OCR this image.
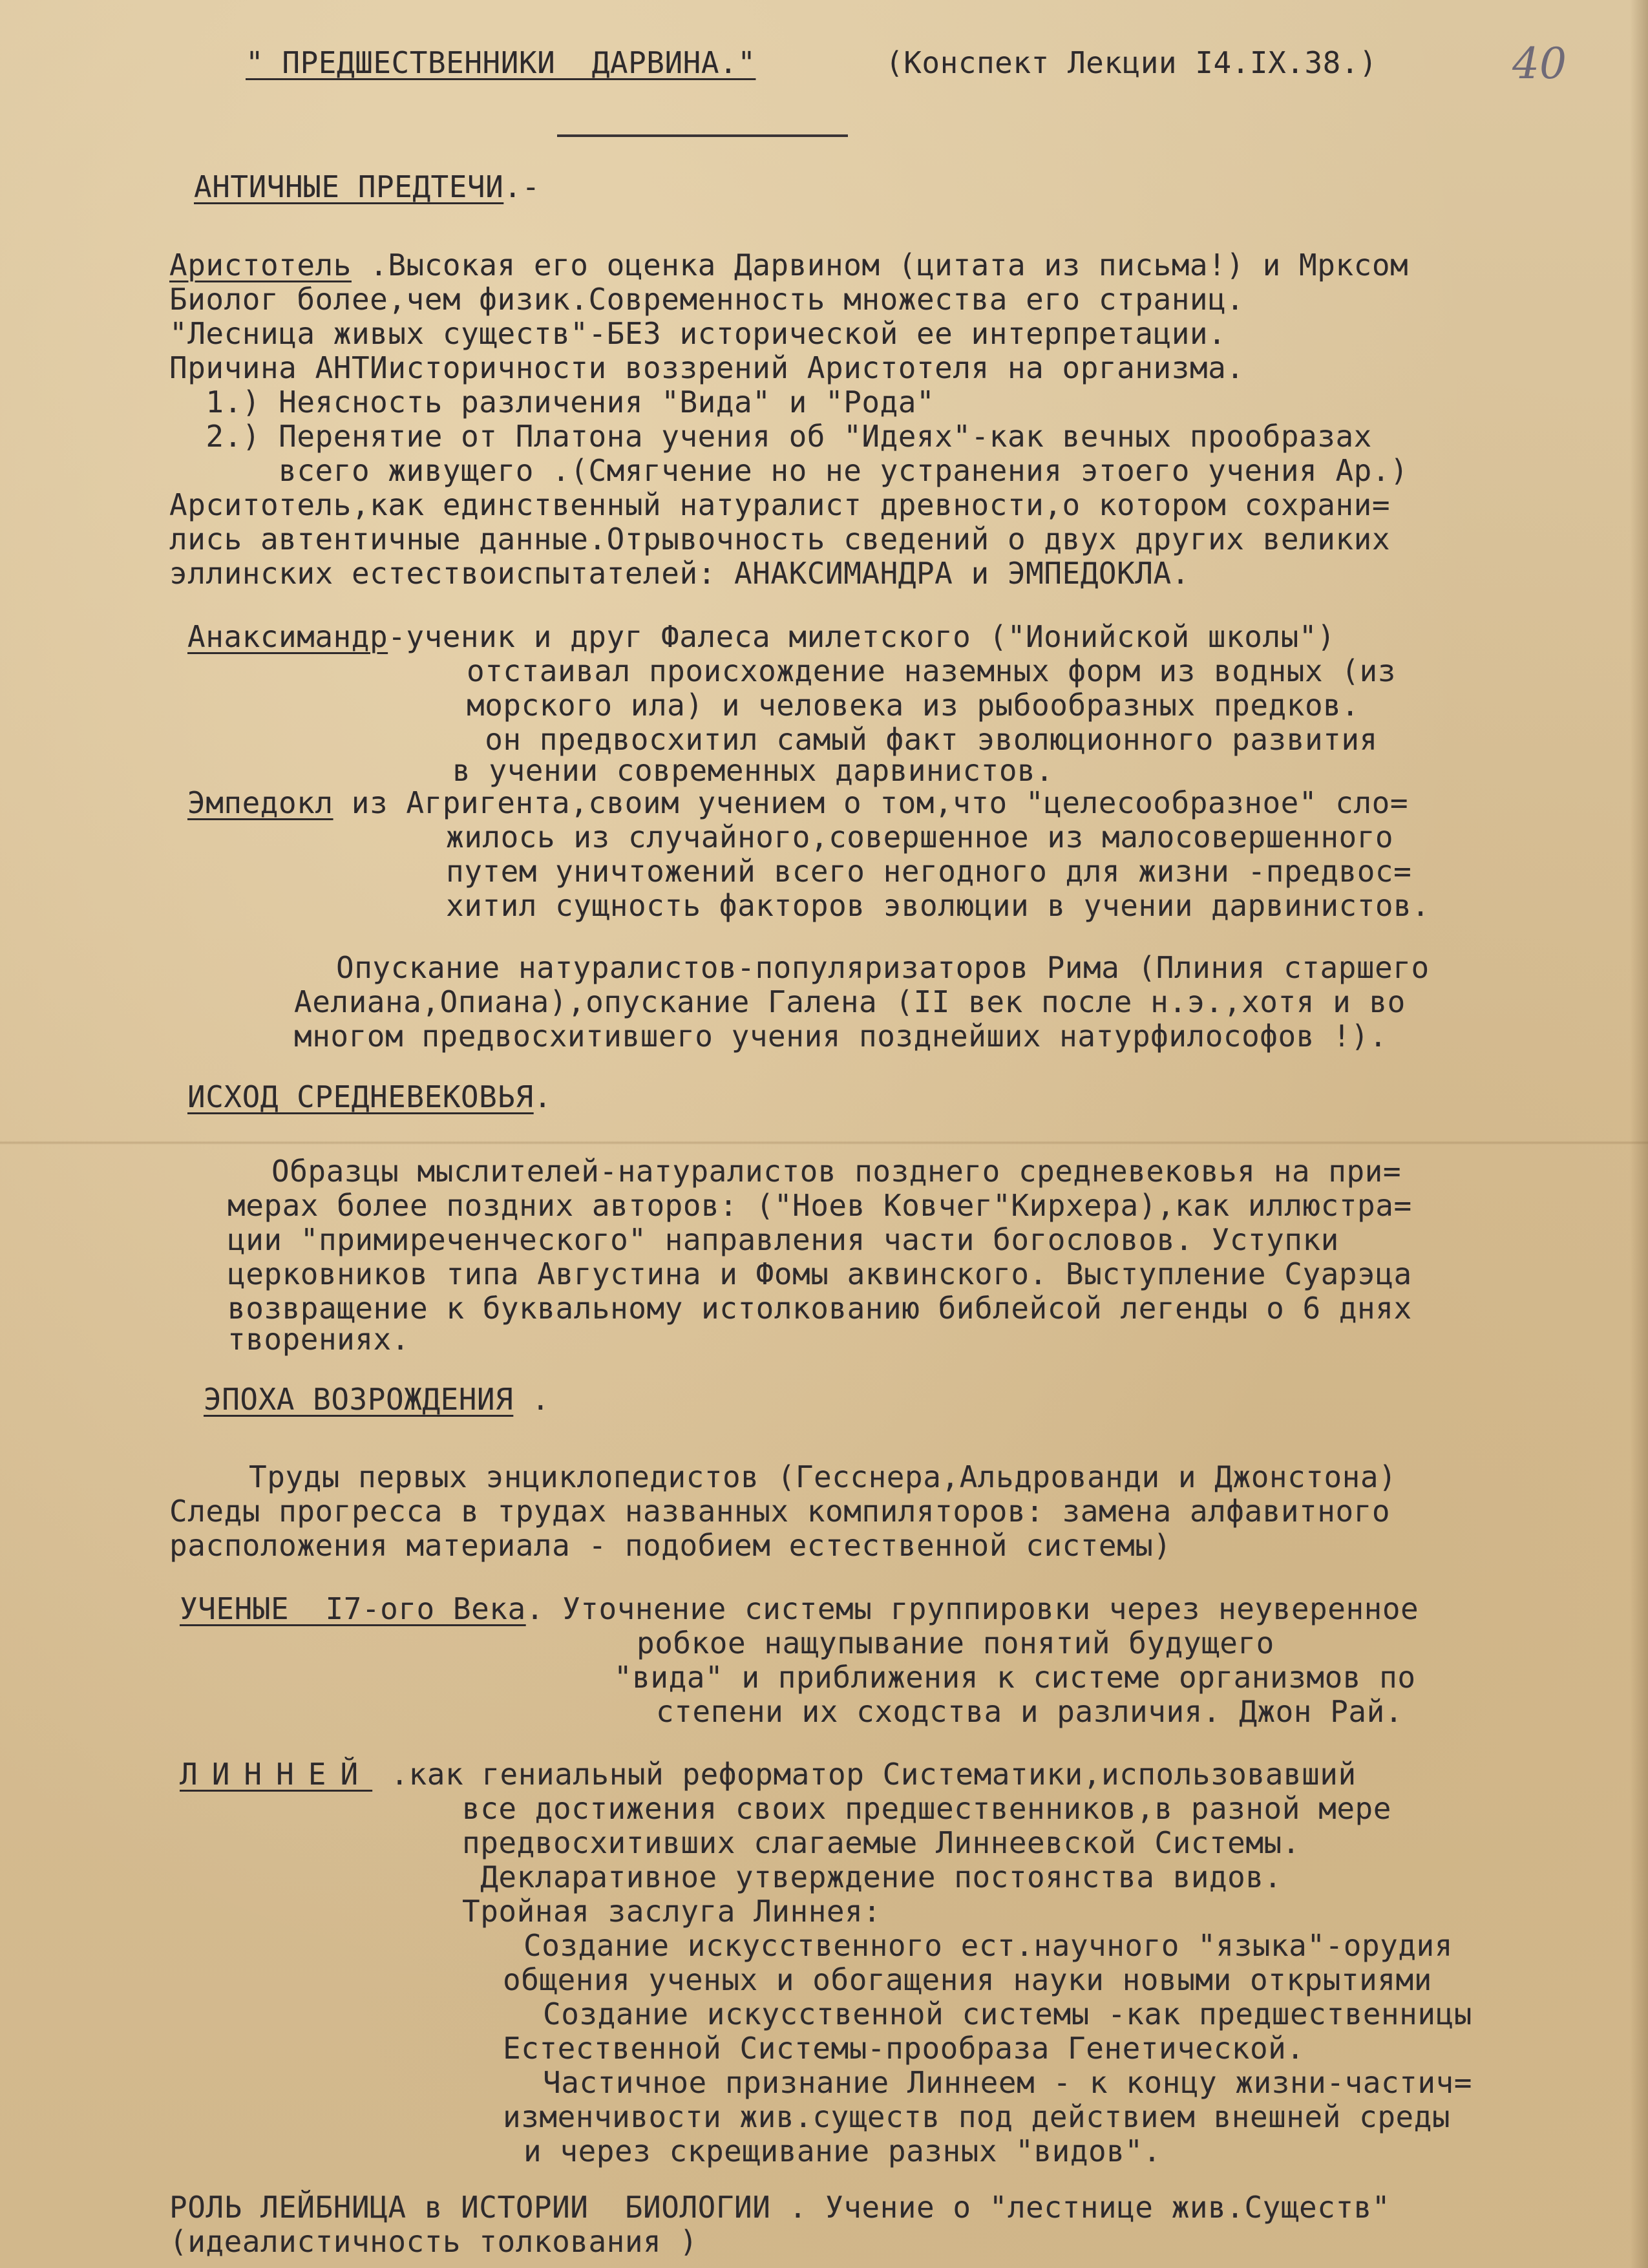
40
" ПРЕДШЕСТВЕННИКИ  ДАРВИНА."	(Конспект Лекции I4.IX.38.)
АНТИЧНЫЕ ПРЕДТЕЧИ.-
Аристотель .Высокая его оценка Дарвином (цитата из письма!) и Мрксом
Биолог более,чем физик.Современность множества его страниц.
"Лесница живых существ"-БЕЗ исторической ее интерпретации.
Причина АНТИисторичности воззрений Аристотеля на организма.
1.) Неясность различения "Вида" и "Рода"
2.) Перенятие от Платона учения об "Идеях"-как вечных прообразах
всего живущего .(Смягчение но не устранения этоего учения Ар.)
Арситотель,как единственный натуралист древности,о котором сохрани=
лись автентичные данные.Отрывочность сведений о двух других великих
эллинских естествоиспытателей: АНАКСИМАНДРА и ЭМПЕДОКЛА.
Анаксимандр-ученик и друг Фалеса милетского ("Ионийской школы")
отстаивал происхождение наземных форм из водных (из
морского ила) и человека из рыбообразных предков.
он предвосхитил самый факт эволюционного развития
в учении современных дарвинистов.
Эмпедокл из Агригента,своим учением о том,что "целесообразное" сло=
жилось из случайного,совершенное из малосовершенного
путем уничтожений всего негодного для жизни -предвос=
хитил сущность факторов эволюции в учении дарвинистов.
Опускание натуралистов-популяризаторов Рима (Плиния старшего
Аелиана,Опиана),опускание Галена (II век после н.э.,хотя и во
многом предвосхитившего учения позднейших натурфилософов !).
ИСХОД СРЕДНЕВЕКОВЬЯ.
Образцы мыслителей-натуралистов позднего средневековья на при=
мерах более поздних авторов: ("Ноев Ковчег"Кирхера),как иллюстра=
ции "примиреченческого" направления части богословов. Уступки
церковников типа Августина и Фомы аквинского. Выступление Суарэца
возвращение к буквальному истолкованию библейсой легенды о 6 днях
творениях.
ЭПОХА ВОЗРОЖДЕНИЯ .
Труды первых энциклопедистов (Гесснера,Альдрованди и Джонстона)
Следы прогресса в трудах названных компиляторов: замена алфавитного
расположения материала - подобием естественной системы)
УЧЕНЫЕ  I7-ого Века. Уточнение системы группировки через неуверенное
робкое нащупывание понятий будущего
"вида" и приближения к системе организмов по
степени их сходства и различия. Джон Рай.
ЛИННЕЙ .как гениальный реформатор Систематики,использовавший
все достижения своих предшественников,в разной мере
предвосхитивших слагаемые Линнеевской Системы.
Декларативное утверждение постоянства видов.
Тройная заслуга Линнея:
Создание искусственного ест.научного "языка"-орудия
общения ученых и обогащения науки новыми открытиями
Создание искусственной системы -как предшественницы
Естественной Системы-прообраза Генетической.
Частичное признание Линнеем - к концу жизни-частич=
изменчивости жив.существ под действием внешней среды
и через скрещивание разных "видов".
РОЛЬ ЛЕЙБНИЦА в ИСТОРИИ  БИОЛОГИИ . Учение о "лестнице жив.Существ"
(идеалистичность толкования )
